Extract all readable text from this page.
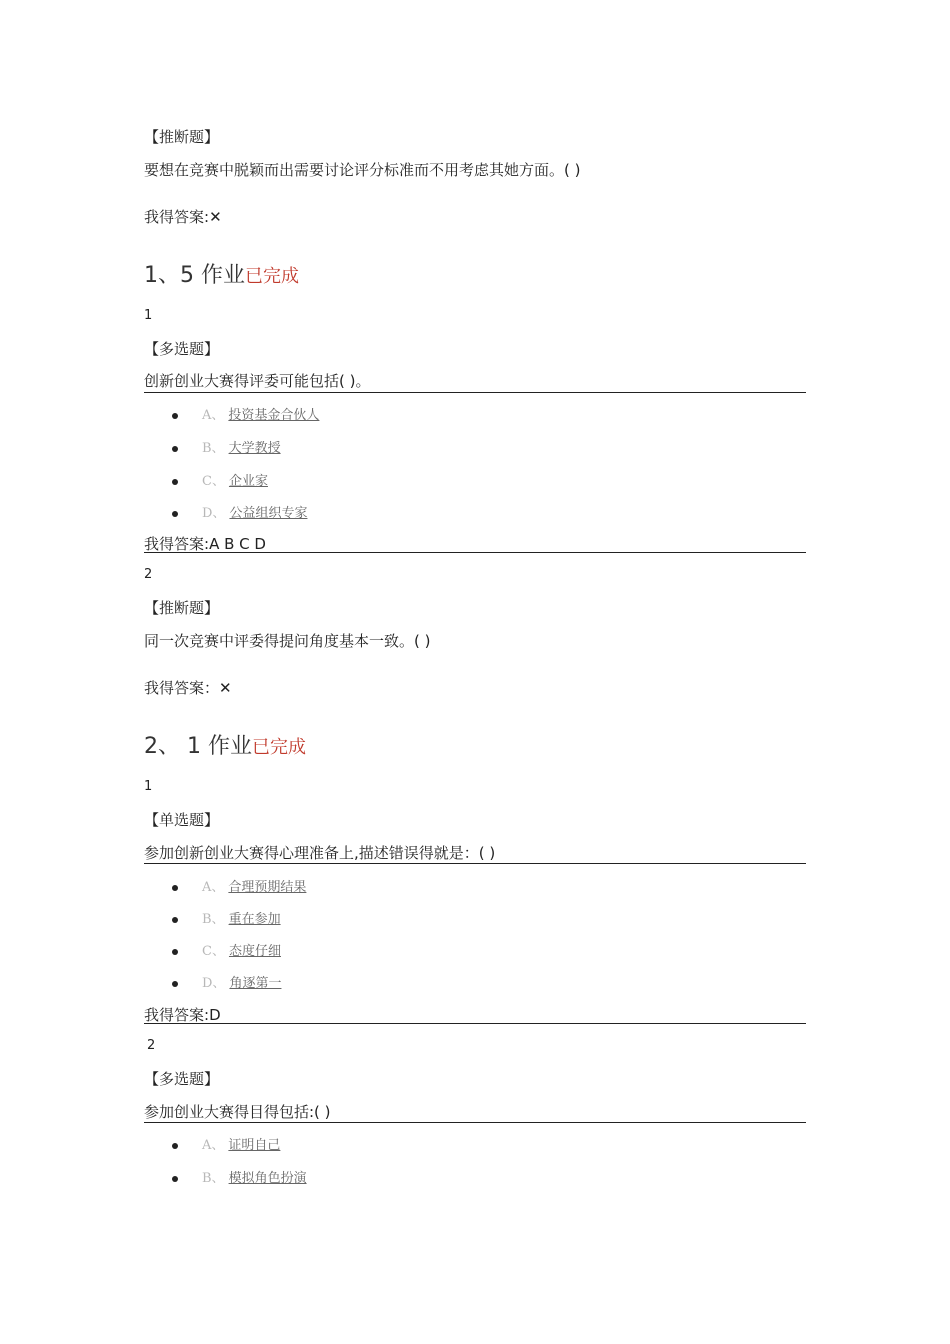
【推断题】
要想在竞赛中脱颖而出需要讨论评分标准而不用考虑其她方面。( )
我得答案:✕
1、5 作业已完成
1
【多选题】
创新创业大赛得评委可能包括( )。
A、 投资基金合伙人
B、 大学教授
C、 企业家
D、 公益组织专家
我得答案:A B C D
2
【推断题】
同一次竞赛中评委得提问角度基本一致。( )
我得答案：✕
2、 1 作业已完成
1
【单选题】
参加创新创业大赛得心理准备上,描述错误得就是：( )
A、 合理预期结果
B、 重在参加
C、 态度仔细
D、 角逐第一
我得答案:D
2
【多选题】
参加创业大赛得目得包括:( )
A、 证明自己
B、 模拟角色扮演
